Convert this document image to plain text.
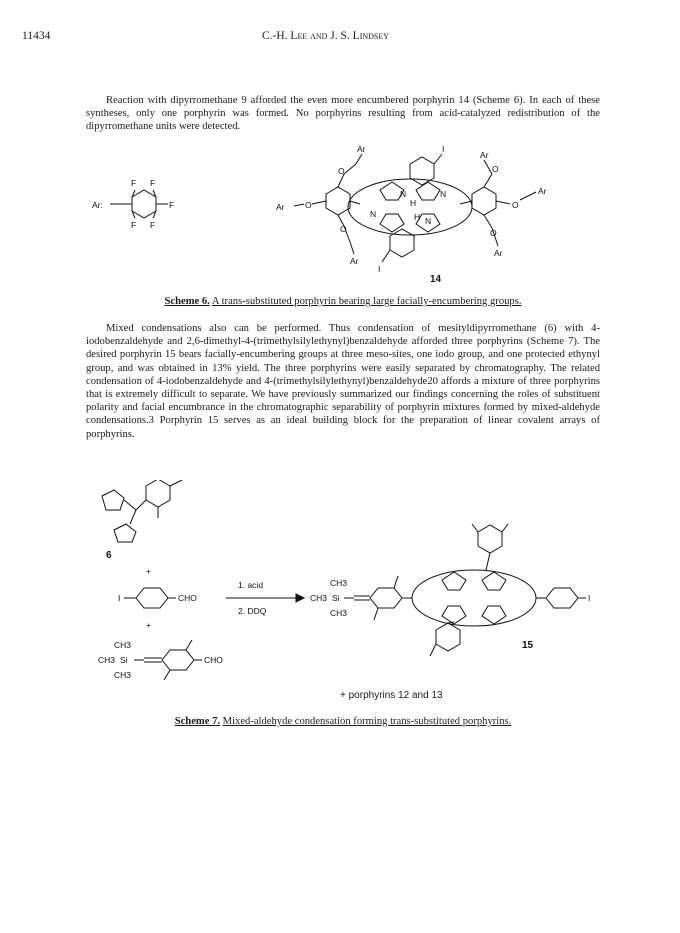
11434	C.-H. Lee and J. S. Lindsey

Reaction with dipyrromethane 9 afforded the even more encumbered porphyrin 14 (Scheme 6). In each of these syntheses, only one porphyrin was formed. No porphyrins resulting from acid-catalyzed redistribution of the dipyrromethane units were detected.

Ar:
F F
F
F F
Ar O
Ar
O
O
Ar
I
I
N
H
N
N	H N
Ar
O
O
Ar
O
Ar
14
Scheme 6. A trans-substituted porphyrin bearing large facially-encumbering groups.

Mixed condensations also can be performed. Thus condensation of mesityldipyrromethane (6) with 4-iodobenzaldehyde and 2,6-dimethyl-4-(trimethylsilylethynyl)benzaldehyde afforded three porphyrins (Scheme 7). The desired porphyrin 15 bears facially-encumbering groups at three meso-sites, one iodo group, and one protected ethynyl group, and was obtained in 13% yield. The three porphyrins were easily separated by chromatography. The related condensation of 4-iodobenzaldehyde and 4-(trimethylsilylethynyl)benzaldehyde20 affords a mixture of three porphyrins that is extremely difficult to separate. We have previously summarized our findings concerning the roles of substituent polarity and facial encumbrance in the chromatographic separability of porphyrin mixtures formed by mixed-aldehyde condensations.3 Porphyrin 15 serves as an ideal building block for the preparation of linear covalent arrays of porphyrins.

6
+
I	CHO
+
CH3
CH3 Si
CH3
CHO
1. acid
2. DDQ
CH3
CH3 Si
CH3
I
15
+ porphyrins 12 and 13
Scheme 7. Mixed-aldehyde condensation forming trans-substituted porphyrins.
